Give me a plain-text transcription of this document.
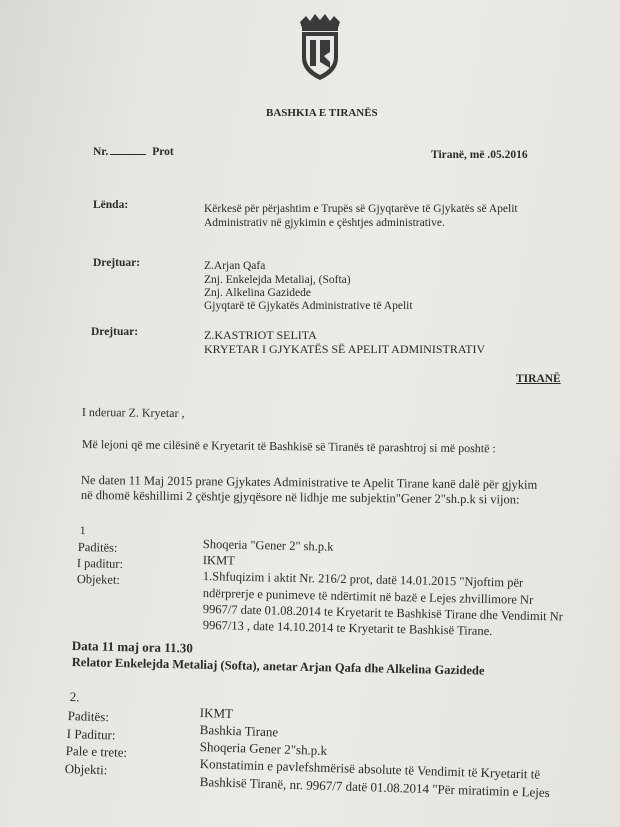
BASHKIA E TIRANËS
Nr.	Prot	Tiranë, më .05.2016
Lënda:	Kërkesë për përjashtim e Trupës së Gjyqtarëve të Gjykatës së Apelit
Administrativ në gjykimin e çështjes administrative.
Drejtuar:	Z.Arjan Qafa
Znj. Enkelejda Metaliaj, (Softa)
Znj. Alkelina Gazidede
Gjyqtarë të Gjykatës Administrative të Apelit
Drejtuar:	Z.KASTRIOT SELITA
KRYETAR I GJYKATËS SË APELIT ADMINISTRATIV
TIRANË
I nderuar Z. Kryetar ,
Më lejoni që me cilësinë e Kryetarit të Bashkisë së Tiranës të parashtroj si më poshtë :
Ne daten 11 Maj 2015 prane Gjykates Administrative te Apelit Tirane kanë dalë për gjykim
në dhomë këshillimi 2 çështje gjyqësore në lidhje me subjektin"Gener 2"sh.p.k si vijon:
1
Paditës:	Shoqeria "Gener 2" sh.p.k
I paditur:	IKMT
Objeket:	1.Shfuqizim i aktit Nr. 216/2 prot, datë 14.01.2015 "Njoftim për
ndërprerje e punimeve të ndërtimit në bazë e Lejes zhvillimore Nr
9967/7 date 01.08.2014 te Kryetarit te Bashkisë Tirane dhe Vendimit Nr
9967/13 , date 14.10.2014 te Kryetarit te Bashkisë Tirane.
Data 11 maj ora 11.30
Relator Enkelejda Metaliaj (Softa), anetar Arjan Qafa dhe Alkelina Gazidede
2.
Paditës:	IKMT
I Paditur:	Bashkia Tirane
Pale e trete:	Shoqeria Gener 2"sh.p.k
Objekti:	Konstatimin e pavlefshmërisë absolute të Vendimit të Kryetarit të
Bashkisë Tiranë, nr. 9967/7 datë 01.08.2014 "Për miratimin e Lejes
